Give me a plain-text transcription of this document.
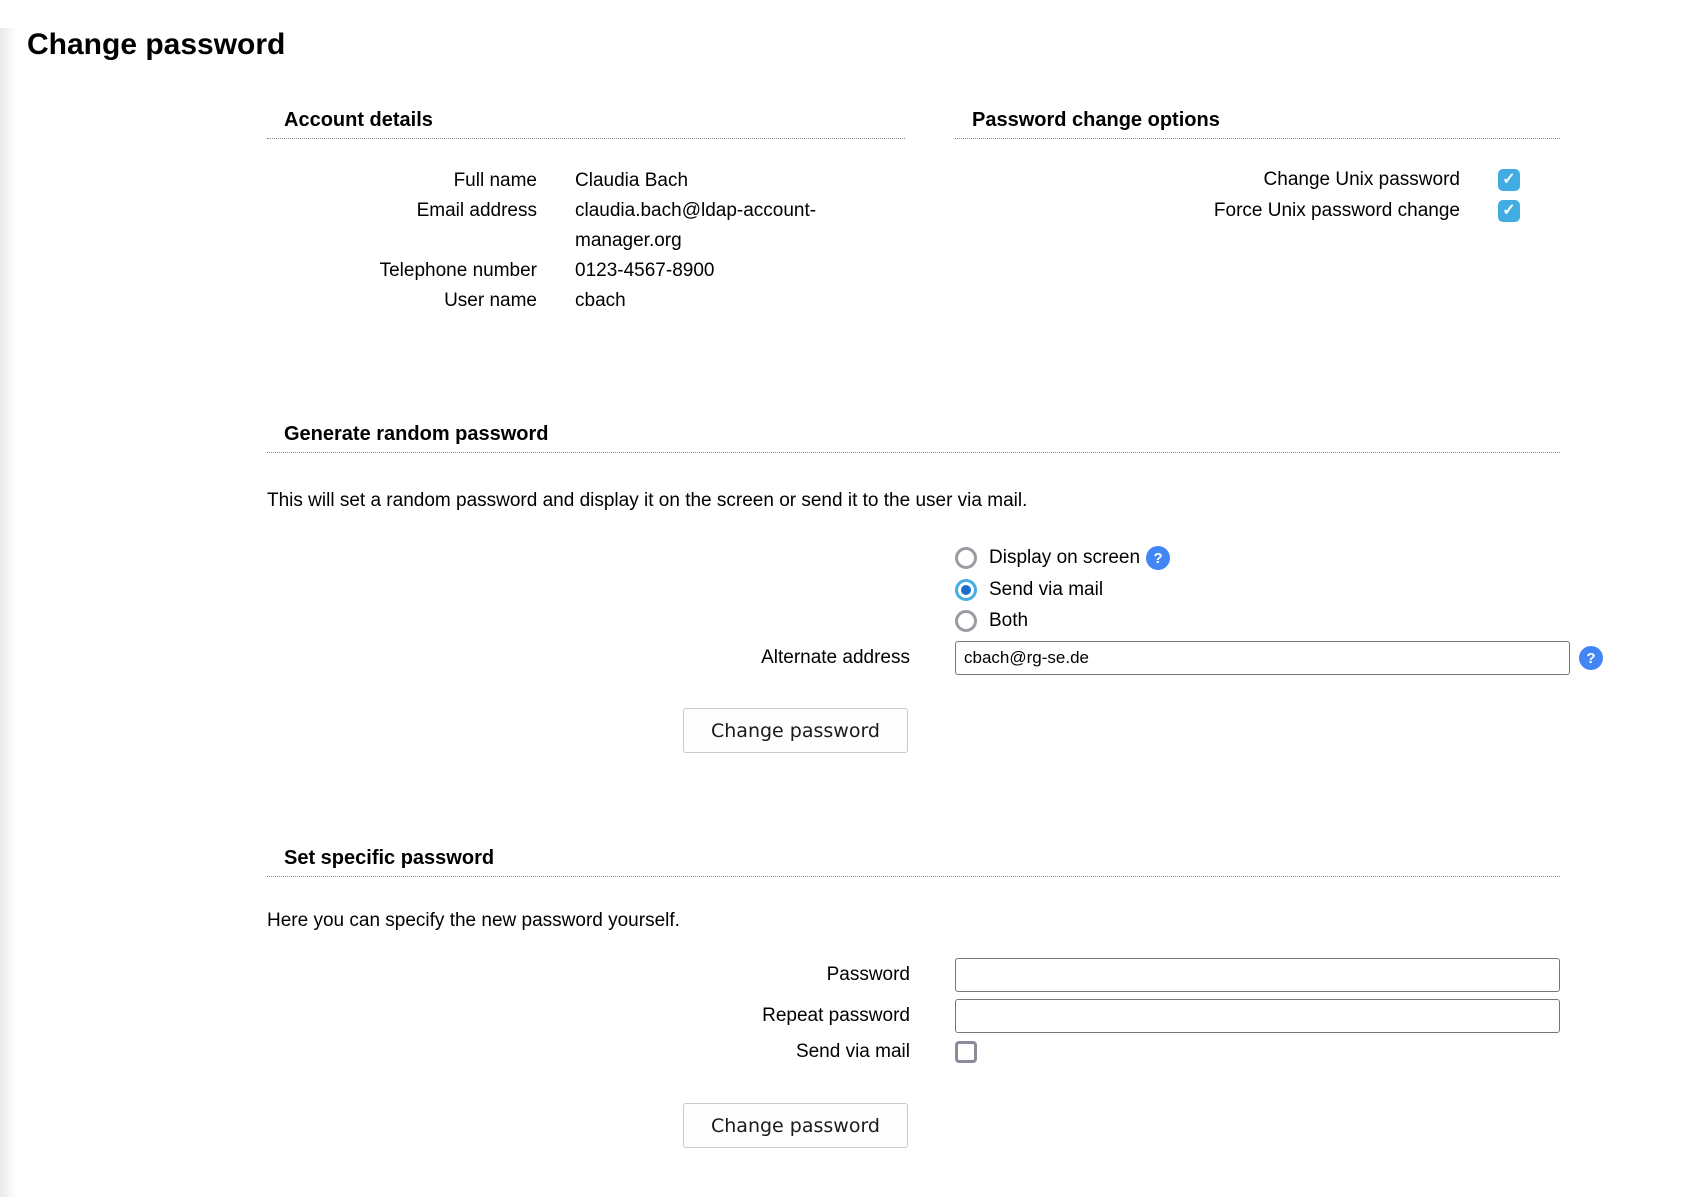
Change password
Account details
Full name Claudia Bach
Email address claudia.bach@ldap-account-manager.org
Telephone number 0123-4567-8900
User name cbach
Password change options
Change Unix password	✓
Force Unix password change	✓
Generate random password

This will set a random password and display it on the screen or send it to the user via mail.

Display on screen ?
Send via mail
Both
Alternate address
cbach@rg-se.de	?
Change password
Set specific password

Here you can specify the new password yourself.

Password
Repeat password
Send via mail
Change password
